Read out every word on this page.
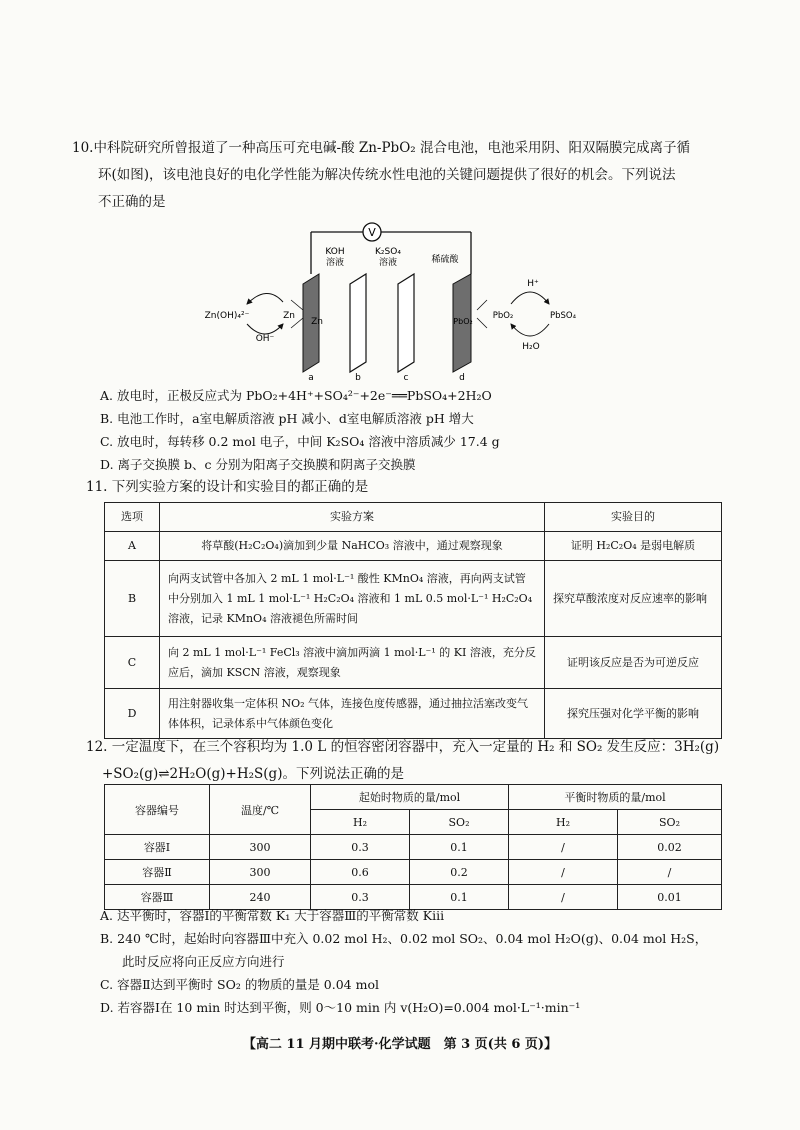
10.中科院研究所曾报道了一种高压可充电碱-酸 Zn-PbO₂ 混合电池，电池采用阴、阳双隔膜完成离子循

环(如图)，该电池良好的电化学性能为解决传统水性电池的关键问题提供了很好的机会。下列说法

不正确的是

V
KOH
溶液
K₂SO₄
溶液	稀硫酸
Zn	PbO₂
a	b	c	d
Zn(OH)₄²⁻	Zn
OH⁻
H⁺
PbO₂	PbSO₄
H₂O
A. 放电时，正极反应式为 PbO₂+4H⁺+SO₄²⁻+2e⁻══PbSO₄+2H₂O
B. 电池工作时，a室电解质溶液 pH 减小、d室电解质溶液 pH 增大
C. 放电时，每转移 0.2 mol 电子，中间 K₂SO₄ 溶液中溶质减少 17.4 g
D. 离子交换膜 b、c 分别为阳离子交换膜和阴离子交换膜
11. 下列实验方案的设计和实验目的都正确的是
选项	实验方案	实验目的
A	将草酸(H₂C₂O₄)滴加到少量 NaHCO₃ 溶液中，通过观察现象	证明 H₂C₂O₄ 是弱电解质
B	向两支试管中各加入 2 mL 1 mol·L⁻¹ 酸性 KMnO₄ 溶液，再向两支试管中分别加入 1 mL 1 mol·L⁻¹ H₂C₂O₄ 溶液和 1 mL 0.5 mol·L⁻¹ H₂C₂O₄ 溶液，记录 KMnO₄ 溶液褪色所需时间	探究草酸浓度对反应速率的影响
C	向 2 mL 1 mol·L⁻¹ FeCl₃ 溶液中滴加两滴 1 mol·L⁻¹ 的 KI 溶液，充分反应后，滴加 KSCN 溶液，观察现象	证明该反应是否为可逆反应
D	用注射器收集一定体积 NO₂ 气体，连接色度传感器，通过抽拉活塞改变气体体积，记录体系中气体颜色变化	探究压强对化学平衡的影响

12. 一定温度下，在三个容积均为 1.0 L 的恒容密闭容器中，充入一定量的 H₂ 和 SO₂ 发生反应：3H₂(g)

+SO₂(g)⇌2H₂O(g)+H₂S(g)。下列说法正确的是

容器编号	温度/℃	起始时物质的量/mol		平衡时物质的量/mol	
		H₂	SO₂	H₂	SO₂
容器Ⅰ	300	0.3	0.1	/	0.02
容器Ⅱ	300	0.6	0.2	/	/
容器Ⅲ	240	0.3	0.1	/	0.01
A. 达平衡时，容器Ⅰ的平衡常数 K₁ 大于容器Ⅲ的平衡常数 Kⅲ
B. 240 ℃时，起始时向容器Ⅲ中充入 0.02 mol H₂、0.02 mol SO₂、0.04 mol H₂O(g)、0.04 mol H₂S，
此时反应将向正反应方向进行
C. 容器Ⅱ达到平衡时 SO₂ 的物质的量是 0.04 mol
D. 若容器Ⅰ在 10 min 时达到平衡，则 0～10 min 内 v(H₂O)=0.004 mol·L⁻¹·min⁻¹
【高二 11 月期中联考·化学试题　第 3 页(共 6 页)】
